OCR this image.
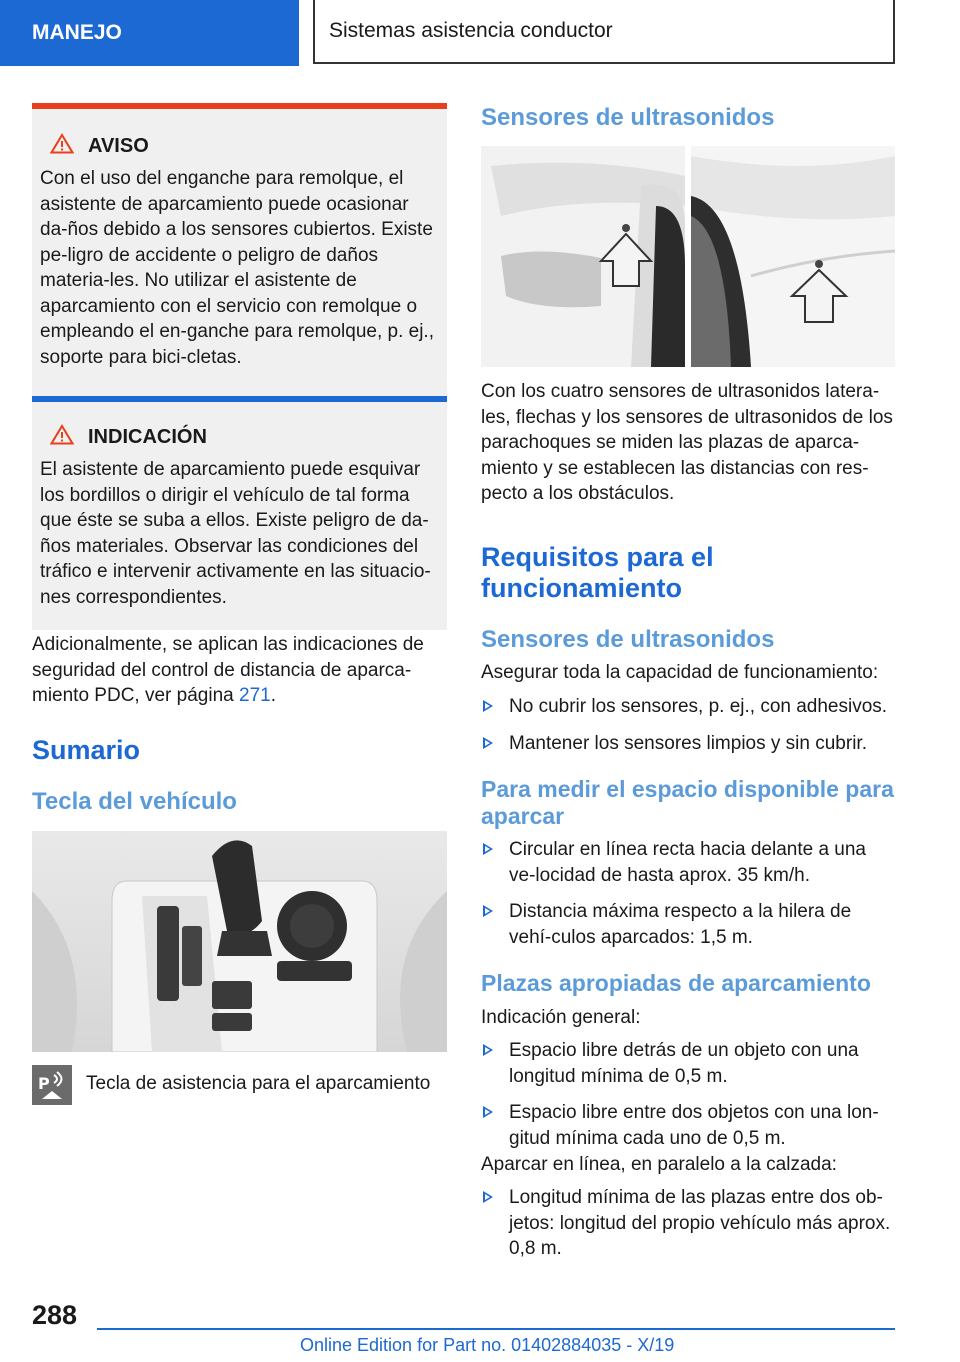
MANEJO	Sistemas asistencia conductor
AVISO
Con el uso del enganche para remolque, el asistente de aparcamiento puede ocasionar da-ños debido a los sensores cubiertos. Existe pe-ligro de accidente o peligro de daños materia-les. No utilizar el asistente de aparcamiento con el servicio con remolque o empleando el en-ganche para remolque, p. ej., soporte para bici-cletas.
INDICACIÓN
El asistente de aparcamiento puede esquivar los bordillos o dirigir el vehículo de tal forma que éste se suba a ellos. Existe peligro de da-ños materiales. Observar las condiciones del tráfico e intervenir activamente en las situacio-nes correspondientes.
Adicionalmente, se aplican las indicaciones de seguridad del control de distancia de aparca-miento PDC, ver página 271.
Sumario
Tecla del vehículo
P Tecla de asistencia para el aparcamiento
Sensores de ultrasonidos
Con los cuatro sensores de ultrasonidos latera-les, flechas y los sensores de ultrasonidos de los parachoques se miden las plazas de aparca-miento y se establecen las distancias con res-pecto a los obstáculos.
Requisitos para el funcionamiento
Sensores de ultrasonidos
Asegurar toda la capacidad de funcionamiento:
No cubrir los sensores, p. ej., con adhesivos.
Mantener los sensores limpios y sin cubrir.
Para medir el espacio disponible para aparcar
Circular en línea recta hacia delante a una ve-locidad de hasta aprox. 35 km/h.
Distancia máxima respecto a la hilera de vehí-culos aparcados: 1,5 m.
Plazas apropiadas de aparcamiento
Indicación general:
Espacio libre detrás de un objeto con una longitud mínima de 0,5 m.
Espacio libre entre dos objetos con una lon-gitud mínima cada uno de 0,5 m.
Aparcar en línea, en paralelo a la calzada:
Longitud mínima de las plazas entre dos ob-jetos: longitud del propio vehículo más aprox. 0,8 m.
288
Online Edition for Part no. 01402884035 - X/19
